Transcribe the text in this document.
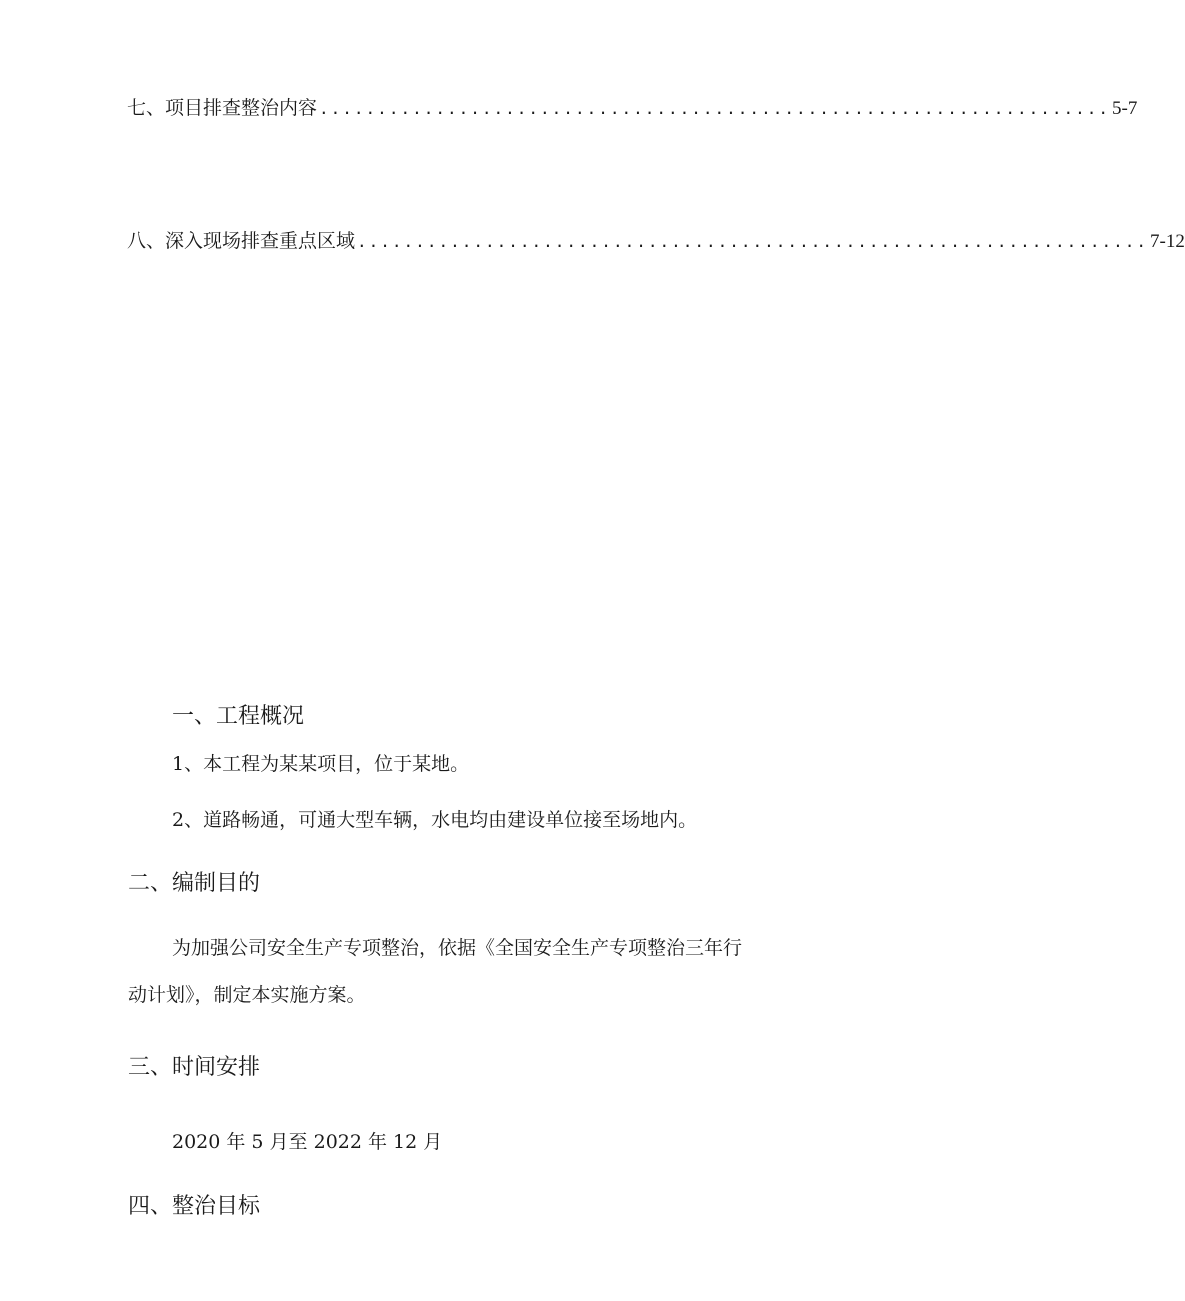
七、项目排查整治内容 .................................................................... 5-7
八、深入现场排查重点区域 .................................................................... 7-12
一、工程概况
1、本工程为某某项目，位于某地。
2、道路畅通，可通大型车辆，水电均由建设单位接至场地内。
二、编制目的
为加强公司安全生产专项整治，依据《全国安全生产专项整治三年行
动计划》，制定本实施方案。
三、时间安排
2020 年 5 月至 2022 年 12 月
四、整治目标
